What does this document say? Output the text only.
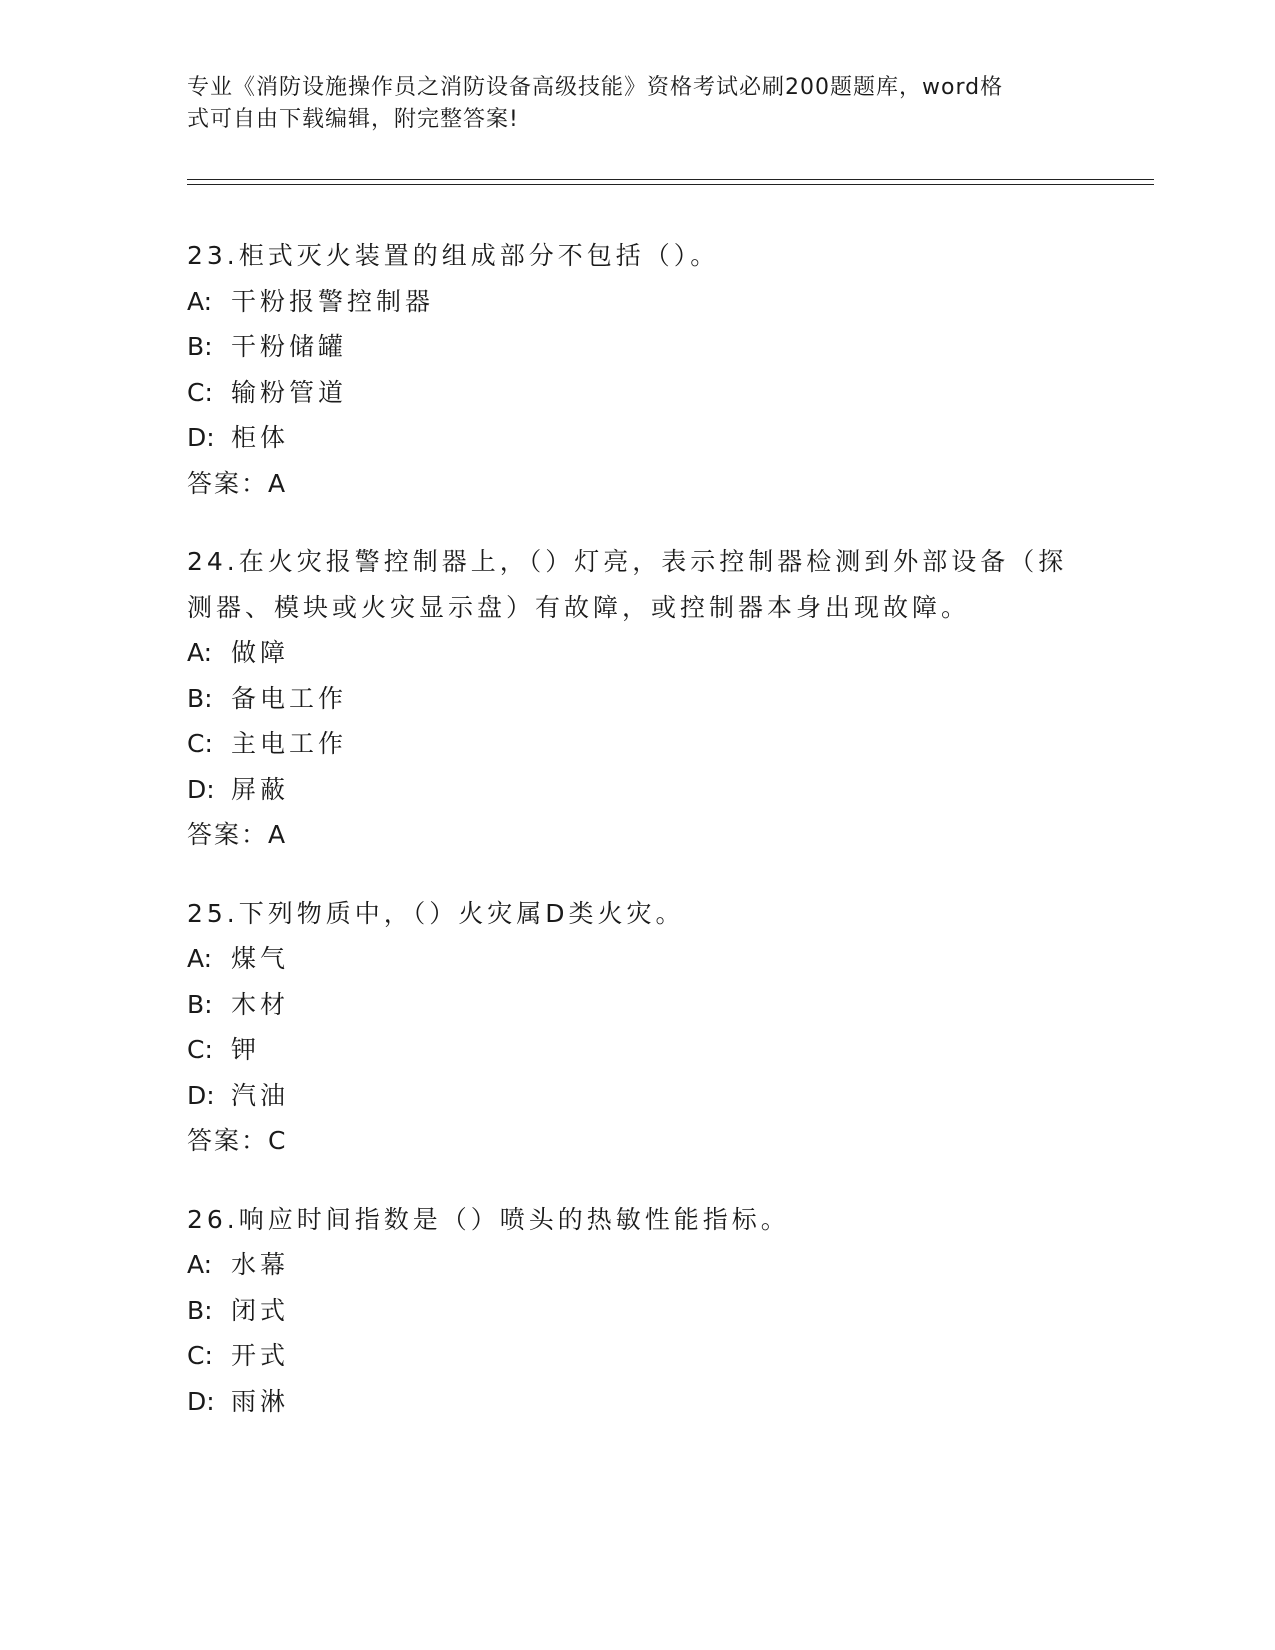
专业《消防设施操作员之消防设备高级技能》资格考试必刷200题题库，word格
式可自由下载编辑，附完整答案!
23.柜式灭火装置的组成部分不包括（）。
A: 干粉报警控制器
B: 干粉储罐
C: 输粉管道
D: 柜体
答案：A
24.在火灾报警控制器上，（）灯亮，表示控制器检测到外部设备（探
测器、模块或火灾显示盘）有故障，或控制器本身出现故障。
A: 做障
B: 备电工作
C: 主电工作
D: 屏蔽
答案：A
25.下列物质中，（）火灾属D类火灾。
A: 煤气
B: 木材
C: 钾
D: 汽油
答案：C
26.响应时间指数是（）喷头的热敏性能指标。
A: 水幕
B: 闭式
C: 开式
D: 雨淋
